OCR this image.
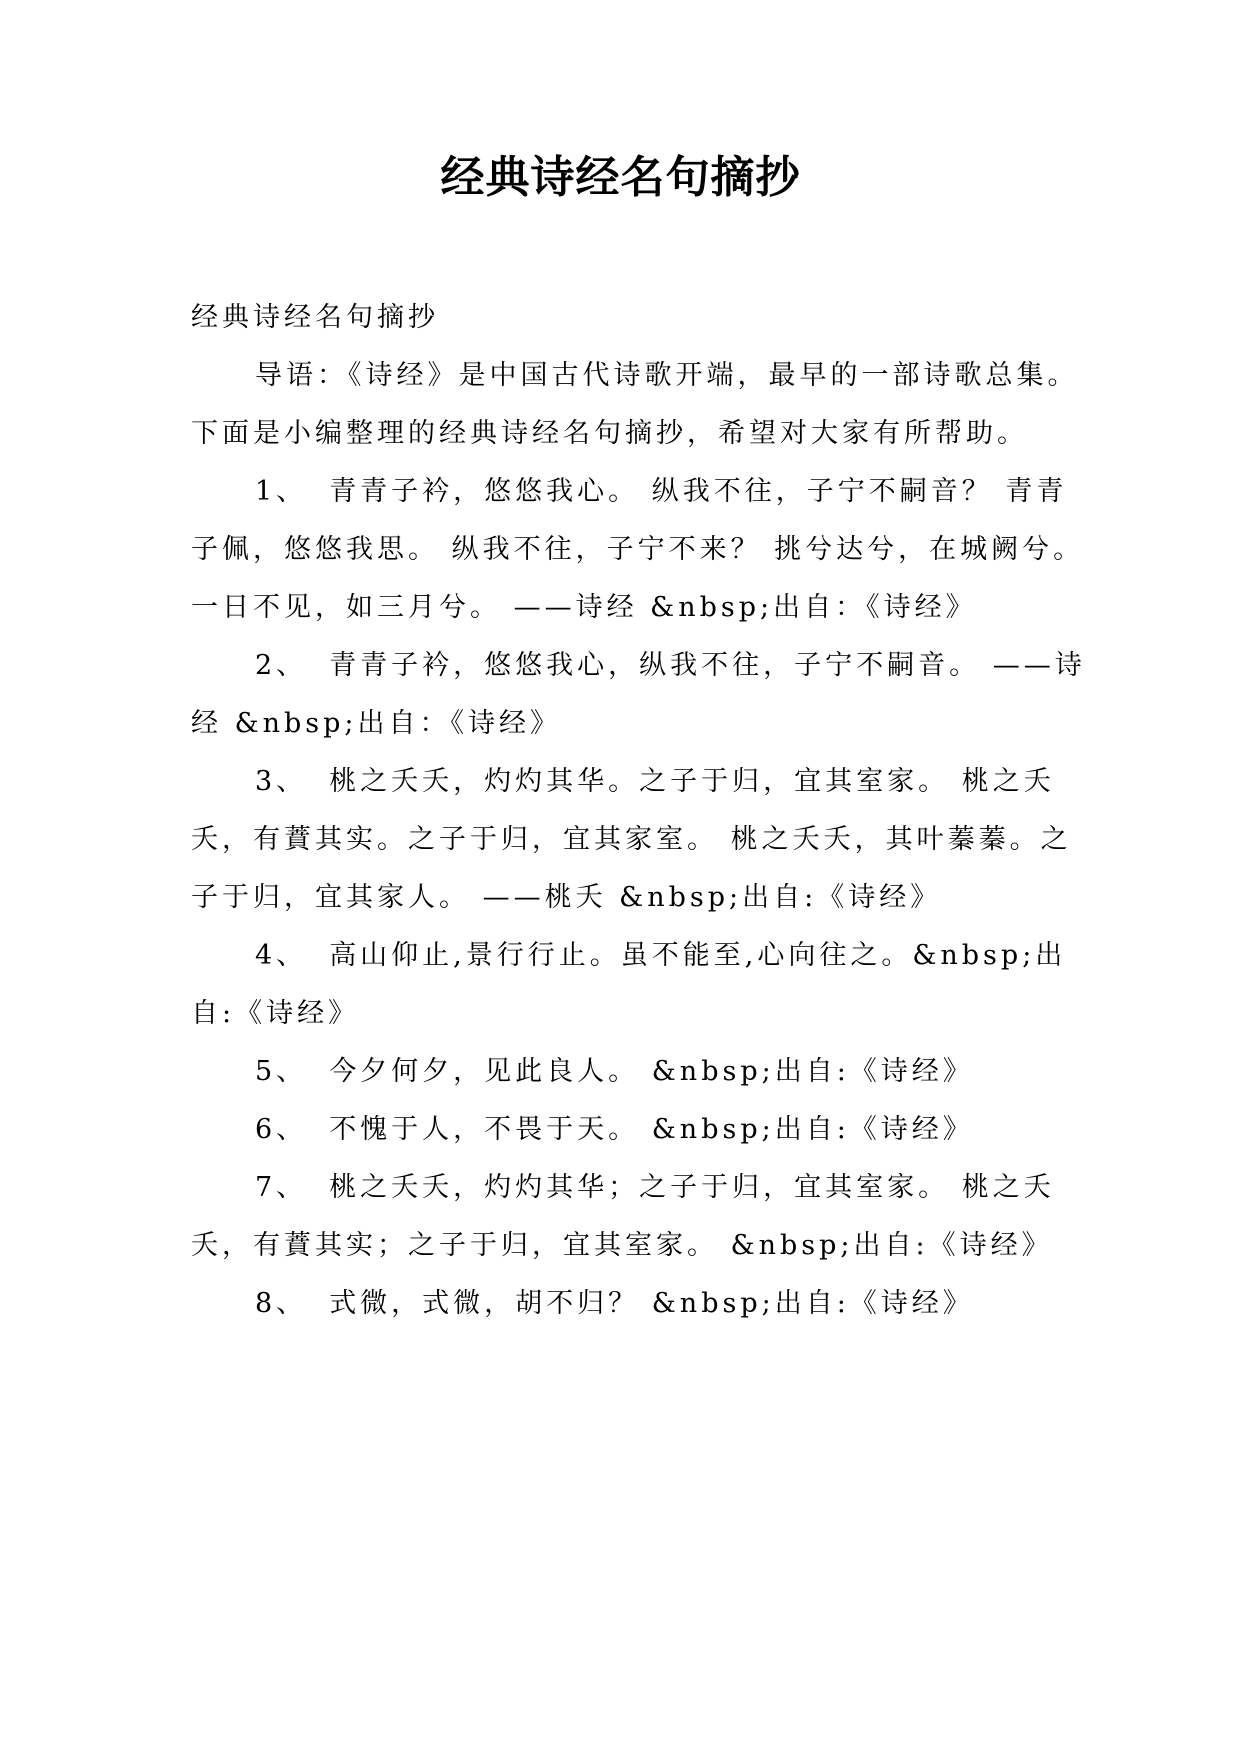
经典诗经名句摘抄

经典诗经名句摘抄

导语：《诗经》是中国古代诗歌开端，最早的一部诗歌总集。下面是小编整理的经典诗经名句摘抄，希望对大家有所帮助。

1、 青青子衿，悠悠我心。 纵我不往，子宁不嗣音？ 青青子佩，悠悠我思。 纵我不往，子宁不来？ 挑兮达兮，在城阙兮。 一日不见，如三月兮。 ——诗经 &nbsp;出自：《诗经》

2、 青青子衿，悠悠我心，纵我不往，子宁不嗣音。 ——诗经 &nbsp;出自：《诗经》

3、 桃之夭夭，灼灼其华。之子于归，宜其室家。 桃之夭夭，有蕡其实。之子于归，宜其家室。 桃之夭夭，其叶蓁蓁。之子于归，宜其家人。 ——桃夭 &nbsp;出自:《诗经》

4、 高山仰止,景行行止。虽不能至,心向往之。&nbsp;出自:《诗经》

5、 今夕何夕，见此良人。 &nbsp;出自:《诗经》

6、 不愧于人，不畏于天。 &nbsp;出自:《诗经》

7、 桃之夭夭，灼灼其华；之子于归，宜其室家。 桃之夭夭，有蕡其实；之子于归，宜其室家。 &nbsp;出自:《诗经》

8、 式微，式微，胡不归？ &nbsp;出自:《诗经》
